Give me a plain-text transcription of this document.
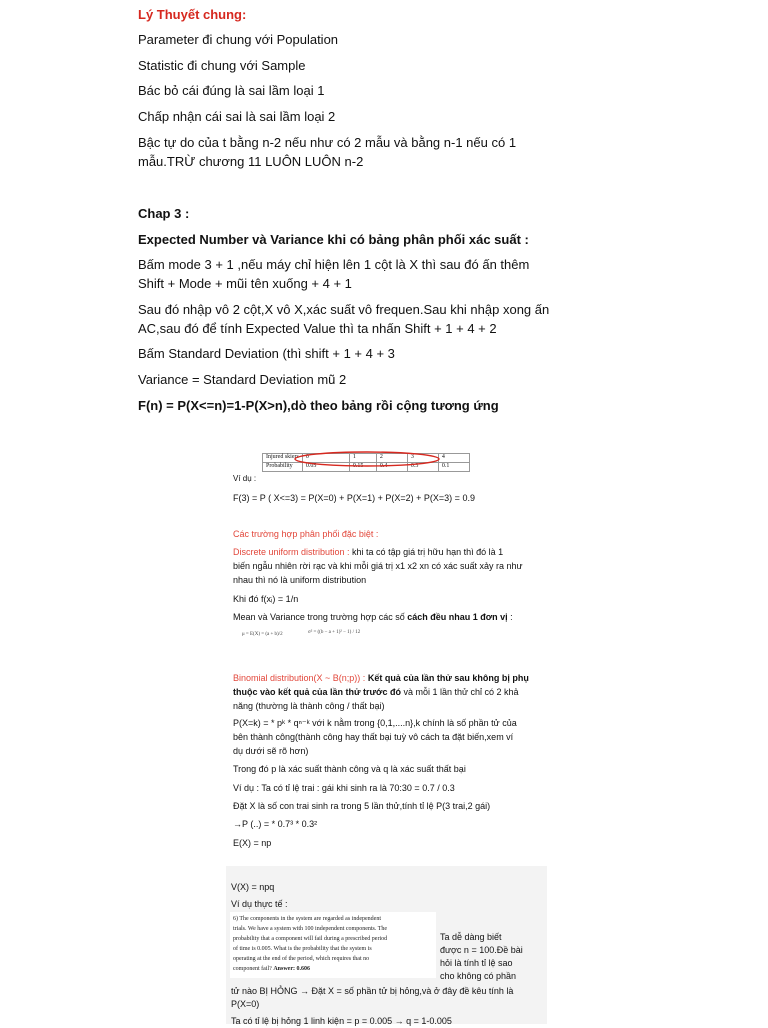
Lý Thuyết chung:
Parameter đi chung với Population
Statistic đi chung với Sample
Bác bỏ cái đúng là sai lầm loại 1
Chấp nhận cái sai là sai lầm loại 2
Bậc tự do của t bằng n-2 nếu như có 2 mẫu và bằng n-1 nếu có 1
mẫu.TRỪ chương 11 LUÔN LUÔN n-2
Chap 3 :
Expected Number và Variance khi có bảng phân phối xác suất :
Bấm mode 3 + 1 ,nếu máy chỉ hiện lên 1 cột là X thì sau đó ấn thêm
Shift + Mode + mũi tên xuống + 4 + 1
Sau đó nhập vô 2 cột,X vô X,xác suất vô frequen.Sau khi nhập xong ấn
AC,sau đó để tính Expected Value thì ta nhấn Shift + 1 + 4 + 2
Bấm Standard Deviation (thì shift + 1 + 4 + 3
Variance = Standard Deviation mũ 2
F(n) = P(X<=n)=1-P(X>n),dò theo bảng rồi cộng tương ứng
Ví dụ :
Injured skiers	0	1	2	3	4
Probability	0.05	0.15	0.4	0.3	0.1
F(3) = P ( X<=3) = P(X=0) + P(X=1) + P(X=2) + P(X=3) = 0.9
Các trường hợp phân phối đặc biệt :
Discrete uniform distribution : khi ta có tập giá trị hữu hạn thì đó là 1
biến ngẫu nhiên rời rạc và khi mỗi giá trị x1 x2 xn có xác suất xảy ra như
nhau thì nó là uniform distribution
Khi đó f(xᵢ) = 1/n
Mean và Variance trong trường hợp các số cách đều nhau 1 đơn vị :
μ = E(X) = (a + b)/2	σ² = ((b − a + 1)² − 1) / 12
Binomial distribution(X ~ B(n;p)) : Kết quả của lần thử sau không bị phụ
thuộc vào kết quả của lần thử trước đó và mỗi 1 lần thử chỉ có 2 khả
năng (thường là thành công / thất bại)
P(X=k) = * pᵏ * qⁿ⁻ᵏ với k nằm trong {0,1,....n},k chính là số phần tử của
bên thành công(thành công hay thất bại tuỳ vô cách ta đặt biến,xem ví
dụ dưới sẽ rõ hơn)
Trong đó p là xác suất thành công và q là xác suất thất bại
Ví dụ : Ta có tỉ lệ trai : gái khi sinh ra là 70:30 = 0.7 / 0.3
Đặt X là số con trai sinh ra trong 5 lần thử,tính tỉ lệ P(3 trai,2 gái)
→P (..) = * 0.7³ * 0.3²
E(X) = np
V(X) = npq
Ví dụ thực tế :
6) The components in the system are regarded as independent
trials. We have a system with 100 independent components. The
probability that a component will fail during a prescribed period
of time is 0.005. What is the probability that the system is
operating at the end of the period, which requires that no
component fail? Answer: 0.606
Ta dễ dàng biết
được n = 100.Đề bài
hỏi là tính tỉ lệ sao
cho không có phần
tử nào BỊ HỎNG → Đặt X = số phần tử bị hỏng,và ở đây đề kêu tính là
P(X=0)
Ta có tỉ lệ bị hỏng 1 linh kiện = p = 0.005 → q = 1-0.005
